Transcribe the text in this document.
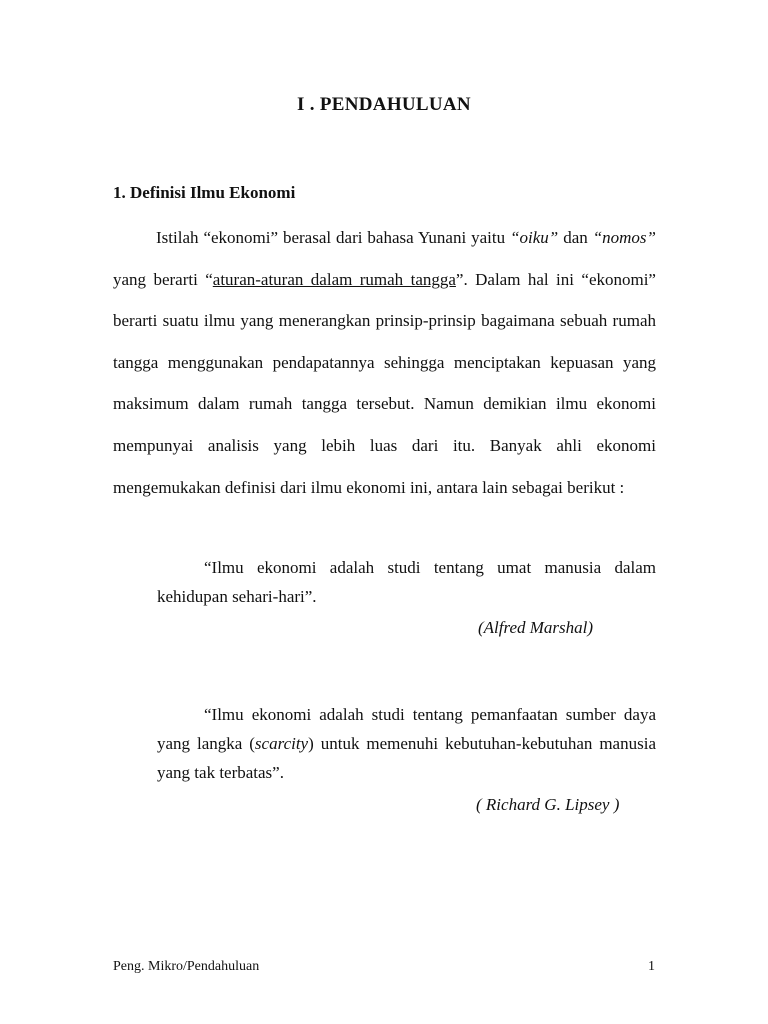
I . PENDAHULUAN
1. Definisi Ilmu Ekonomi

Istilah “ekonomi” berasal dari bahasa Yunani yaitu “oiku” dan “nomos” yang berarti “aturan-aturan dalam rumah tangga”. Dalam hal ini “ekonomi” berarti suatu ilmu yang menerangkan prinsip-prinsip bagaimana sebuah rumah tangga menggunakan pendapatannya sehingga menciptakan kepuasan yang maksimum dalam rumah tangga tersebut. Namun demikian ilmu ekonomi mempunyai analisis yang lebih luas dari itu. Banyak ahli ekonomi mengemukakan definisi dari ilmu ekonomi ini, antara lain sebagai berikut :

“Ilmu ekonomi adalah studi tentang umat manusia dalam kehidupan sehari-hari”.

(Alfred Marshal)

“Ilmu ekonomi adalah studi tentang pemanfaatan sumber daya yang langka (scarcity) untuk memenuhi kebutuhan-kebutuhan manusia yang tak terbatas”.

( Richard G. Lipsey )

Peng. Mikro/Pendahuluan	1
